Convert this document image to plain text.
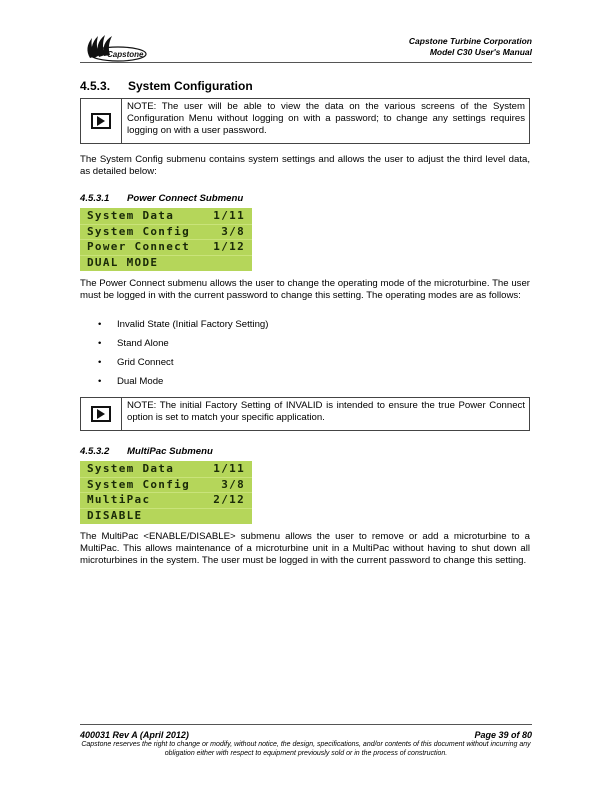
Capstone
Capstone Turbine Corporation
Model C30 User's Manual
4.5.3. System Configuration
NOTE: The user will be able to view the data on the various screens of the System Configuration Menu without logging on with a password; to change any settings requires logging on with a user password.
The System Config submenu contains system settings and allows the user to adjust the third level data, as detailed below:
4.5.3.1 Power Connect Submenu
System Data	1/11
System Config	3/8
Power Connect 1/12
DUAL MODE
The Power Connect submenu allows the user to change the operating mode of the microturbine. The user must be logged in with the current password to change this setting. The operating modes are as follows:
•	Invalid State (Initial Factory Setting)
•	Stand Alone
•	Grid Connect
•	Dual Mode
NOTE: The initial Factory Setting of INVALID is intended to ensure the true Power Connect option is set to match your specific application.
4.5.3.2 MultiPac Submenu
System Data	1/11
System Config	3/8
MultiPac	2/12
DISABLE
The MultiPac <ENABLE/DISABLE> submenu allows the user to remove or add a microturbine to a MultiPac. This allows maintenance of a microturbine unit in a MultiPac without having to shut down all microturbines in the system. The user must be logged in with the current password to change this setting.
400031 Rev A (April 2012)	Page 39 of 80
Capstone reserves the right to change or modify, without notice, the design, specifications, and/or contents of this document without incurring any obligation either with respect to equipment previously sold or in the process of construction.
